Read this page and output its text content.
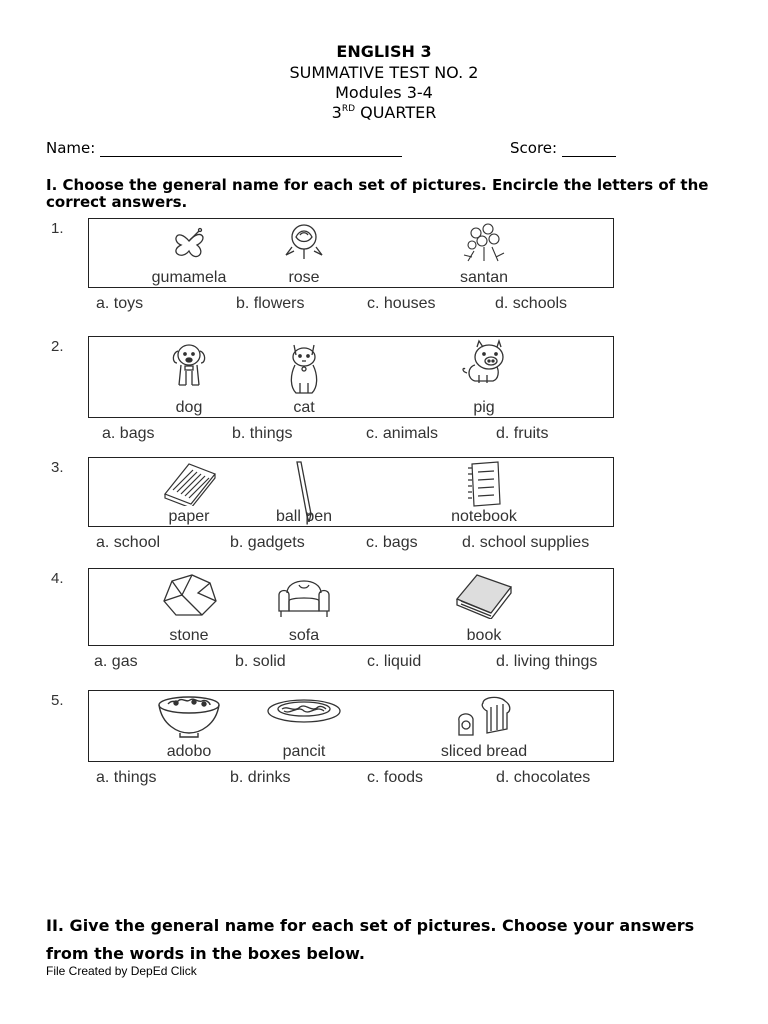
ENGLISH 3
SUMMATIVE TEST NO. 2
Modules 3-4
3RD QUARTER
Name:	Score:
I. Choose the general name for each set of pictures. Encircle the letters of the correct answers.
1.
gumamela	rose	santan
a. toys	b. flowers	c. houses	d. schools
2.
dog	cat	pig
a. bags	b. things	c. animals	d. fruits
3.
paper	ball pen	notebook
a. school	b. gadgets	c. bags	d. school supplies
4.
stone	sofa	book
a. gas	b. solid	c. liquid	d. living things
5.
adobo	pancit	sliced bread
a. things	b. drinks	c. foods	d. chocolates
II. Give the general name for each set of pictures. Choose your answers from the words in the boxes below.
File Created by DepEd Click
